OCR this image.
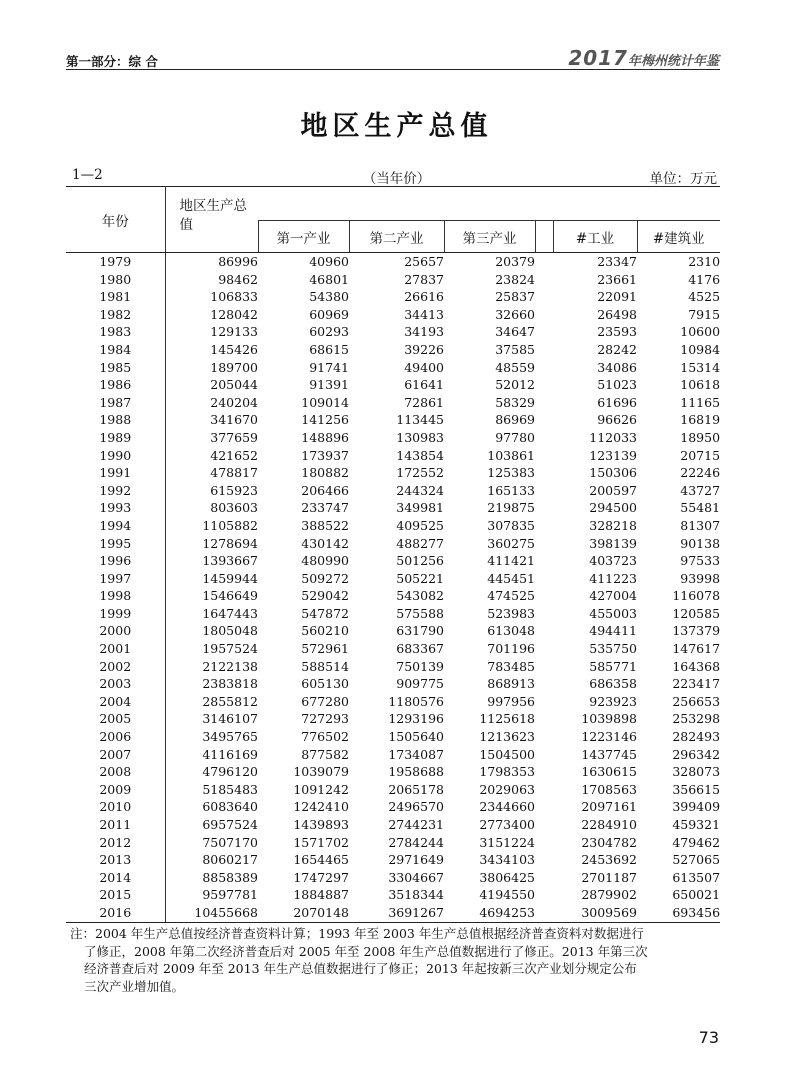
第一部分：综 合	2017年梅州统计年鉴
地区生产总值
1—2	（当年价）	单位：万元
年份	地区生产总值						
		第一产业	第二产业	第三产业		#工业	#建筑业
1979	86996	40960	25657	20379		23347	2310
1980	98462	46801	27837	23824		23661	4176
1981	106833	54380	26616	25837		22091	4525
1982	128042	60969	34413	32660		26498	7915
1983	129133	60293	34193	34647		23593	10600
1984	145426	68615	39226	37585		28242	10984
1985	189700	91741	49400	48559		34086	15314
1986	205044	91391	61641	52012		51023	10618
1987	240204	109014	72861	58329		61696	11165
1988	341670	141256	113445	86969		96626	16819
1989	377659	148896	130983	97780		112033	18950
1990	421652	173937	143854	103861		123139	20715
1991	478817	180882	172552	125383		150306	22246
1992	615923	206466	244324	165133		200597	43727
1993	803603	233747	349981	219875		294500	55481
1994	1105882	388522	409525	307835		328218	81307
1995	1278694	430142	488277	360275		398139	90138
1996	1393667	480990	501256	411421		403723	97533
1997	1459944	509272	505221	445451		411223	93998
1998	1546649	529042	543082	474525		427004	116078
1999	1647443	547872	575588	523983		455003	120585
2000	1805048	560210	631790	613048		494411	137379
2001	1957524	572961	683367	701196		535750	147617
2002	2122138	588514	750139	783485		585771	164368
2003	2383818	605130	909775	868913		686358	223417
2004	2855812	677280	1180576	997956		923923	256653
2005	3146107	727293	1293196	1125618		1039898	253298
2006	3495765	776502	1505640	1213623		1223146	282493
2007	4116169	877582	1734087	1504500		1437745	296342
2008	4796120	1039079	1958688	1798353		1630615	328073
2009	5185483	1091242	2065178	2029063		1708563	356615
2010	6083640	1242410	2496570	2344660		2097161	399409
2011	6957524	1439893	2744231	2773400		2284910	459321
2012	7507170	1571702	2784244	3151224		2304782	479462
2013	8060217	1654465	2971649	3434103		2453692	527065
2014	8858389	1747297	3304667	3806425		2701187	613507
2015	9597781	1884887	3518344	4194550		2879902	650021
2016	10455668	2070148	3691267	4694253		3009569	693456

注：2004 年生产总值按经济普查资料计算；1993 年至 2003 年生产总值根据经济普查资料对数据进行

了修正，2008 年第二次经济普查后对 2005 年至 2008 年生产总值数据进行了修正。2013 年第三次

经济普查后对 2009 年至 2013 年生产总值数据进行了修正；2013 年起按新三次产业划分规定公布

三次产业增加值。

73
